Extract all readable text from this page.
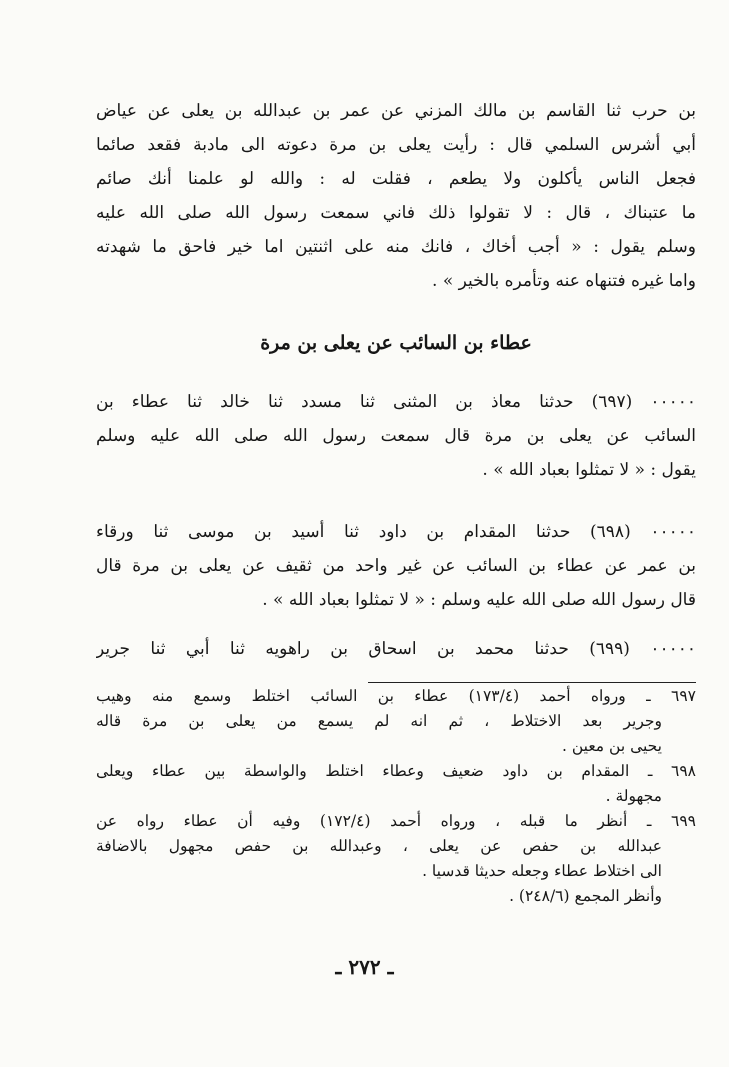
بن حرب ثنا القاسم بن مالك المزني عن عمر بن عبدالله بن يعلى عن عياض
أبي أشرس السلمي قال : رأيت يعلى بن مرة دعوته الى مادبة فقعد صائما
فجعل الناس يأكلون ولا يطعم ، فقلت له : والله لو علمنا أنك صائم
ما عتبناك ، قال : لا تقولوا ذلك فاني سمعت رسول الله صلى الله عليه
وسلم يقول : « أجب أخاك ، فانك منه على اثنتين اما خير فاحق ما شهدته
واما غيره فتنهاه عنه وتأمره بالخير » .
عطاء بن السائب عن يعلى بن مرة
٠٠٠٠٠ (٦٩٧) حدثنا معاذ بن المثنى ثنا مسدد ثنا خالد ثنا عطاء بن
السائب عن يعلى بن مرة قال سمعت رسول الله صلى الله عليه وسلم
يقول : « لا تمثلوا بعباد الله » .
٠٠٠٠٠ (٦٩٨) حدثنا المقدام بن داود ثنا أسيد بن موسى ثنا ورقاء
بن عمر عن عطاء بن السائب عن غير واحد من ثقيف عن يعلى بن مرة قال
قال رسول الله صلى الله عليه وسلم : « لا تمثلوا بعباد الله » .
٠٠٠٠٠ (٦٩٩) حدثنا محمد بن اسحاق بن راهويه ثنا أبي ثنا جرير
٦٩٧ ـ ورواه أحمد (١٧٣/٤) عطاء بن السائب اختلط وسمع منه وهيب
وجرير بعد الاختلاط ، ثم انه لم يسمع من يعلى بن مرة قاله
يحيى بن معين .
٦٩٨ ـ المقدام بن داود ضعيف وعطاء اختلط والواسطة بين عطاء ويعلى
مجهولة .
٦٩٩ ـ أنظر ما قبله ، ورواه أحمد (١٧٢/٤) وفيه أن عطاء رواه عن
عبدالله بن حفص عن يعلى ، وعبدالله بن حفص مجهول بالاضافة
الى اختلاط عطاء وجعله حديثا قدسيا .
وأنظر المجمع (٢٤٨/٦) .
ـ ٢٧٢ ـ
